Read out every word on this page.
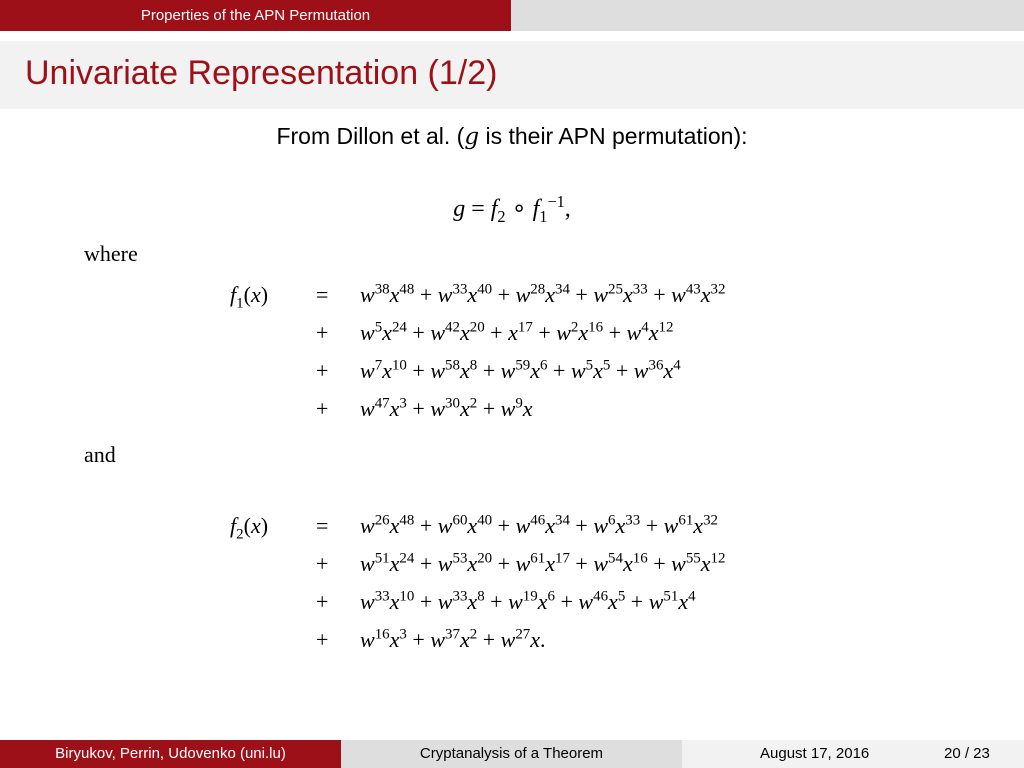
Properties of the APN Permutation
Univariate Representation (1/2)
From Dillon et al. (g is their APN permutation):
$g = f_2$ ∘ $f_1^{-1}$,
where
$f_1(x) = w^{38}x^{48} + w^{33}x^{40} + w^{28}x^{34} + w^{25}x^{33} + w^{43}x^{32}$
+ $w^5x^{24} + w^{42}x^{20} + x^{17} + w^2x^{16} + w^4x^{12}$
+ $w^7x^{10} + w^{58}x^8 + w^{59}x^6 + w^5x^5 + w^{36}x^4$
+ $w^{47}x^3 + w^{30}x^2 + w^9x$
and
$f_2(x) = w^{26}x^{48} + w^{60}x^{40} + w^{46}x^{34} + w^6x^{33} + w^{61}x^{32}$
+ $w^{51}x^{24} + w^{53}x^{20} + w^{61}x^{17} + w^{54}x^{16} + w^{55}x^{12}$
+ $w^{33}x^{10} + w^{33}x^8 + w^{19}x^6 + w^{46}x^5 + w^{51}x^4$
+ $w^{16}x^3 + w^{37}x^2 + w^{27}x$.
Biryukov, Perrin, Udovenko (uni.lu)	Cryptanalysis of a Theorem	August 17, 2016	20 / 23
